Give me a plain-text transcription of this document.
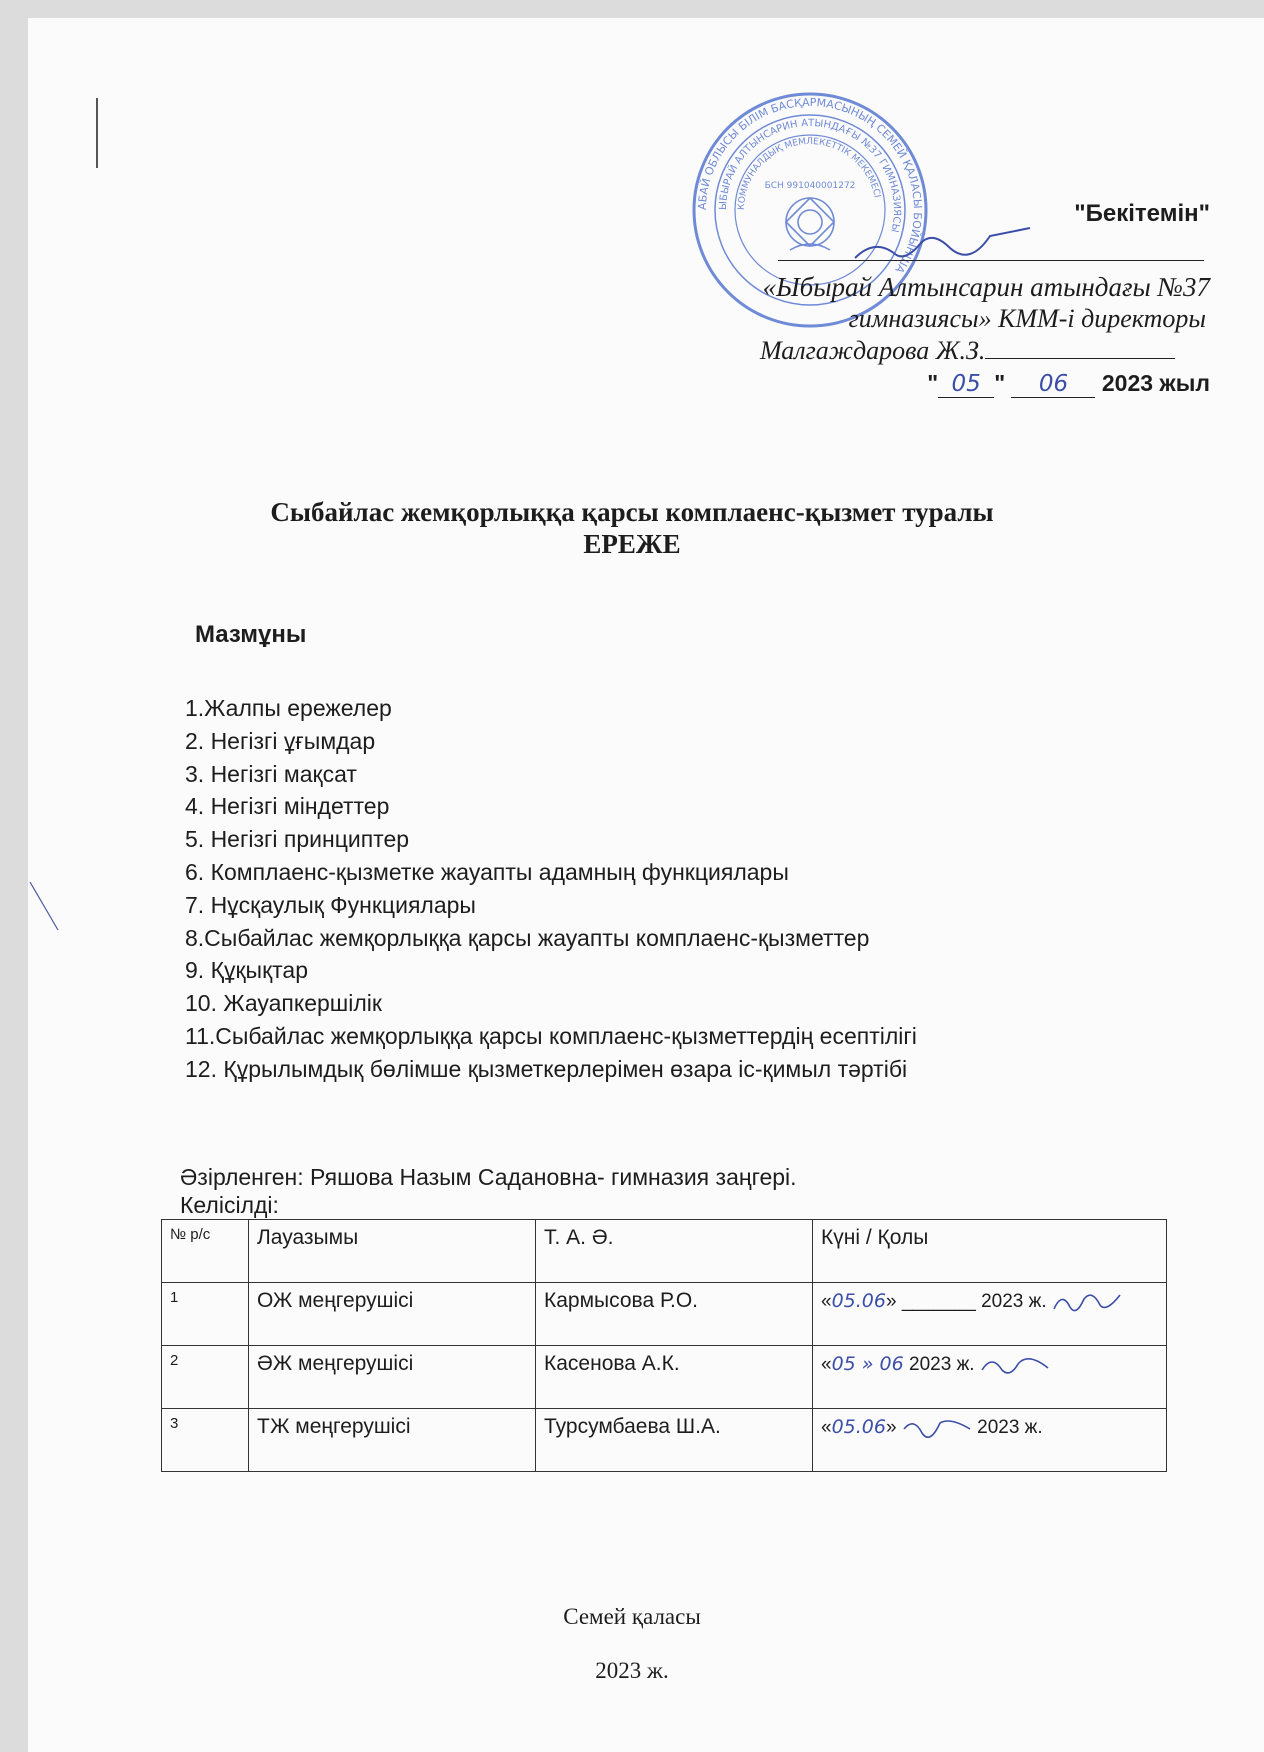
АБАЙ ОБЛЫСЫ БІЛІМ БАСҚАРМАСЫНЫҢ СЕМЕЙ ҚАЛАСЫ БОЙЫНША
ЫБЫРАЙ АЛТЫНСАРИН АТЫНДАҒЫ №37 ГИМНАЗИЯСЫ
КОММУНАЛДЫҚ МЕМЛЕКЕТТІК МЕКЕМЕСІ
БСН 991040001272
"Бекітемін"
«Ыбырай Алтынсарин атындағы №37
гимназиясы» КММ-і директоры
Малгаждарова Ж.З.
" 05 " 06 2023 жыл
Сыбайлас жемқорлыққа қарсы комплаенс-қызмет туралы
ЕРЕЖЕ
Мазмұны
1.Жалпы ережелер
2. Негізгі ұғымдар
3. Негізгі мақсат
4. Негізгі міндеттер
5. Негізгі принциптер
6. Комплаенс-қызметке жауапты адамның функциялары
7. Нұсқаулық Функциялары
8.Сыбайлас жемқорлыққа қарсы жауапты комплаенс-қызметтер
9. Құқықтар
10. Жауапкершілік
11.Сыбайлас жемқорлыққа қарсы комплаенс-қызметтердің есептілігі
12. Құрылымдық бөлімше қызметкерлерімен өзара іс-қимыл тәртібі
Әзірленген: Ряшова Назым Садановна- гимназия заңгері.
Келісілді:
№ р/с	Лауазымы	Т. А. Ә.	Күні / Қолы
1	ОЖ меңгерушісі	Кармысова Р.О.	«05.06» _______ 2023 ж.
2	ӘЖ меңгерушісі	Касенова А.К.	«05 » 06 2023 ж.
3	ТЖ меңгерушісі	Турсумбаева Ш.А.	«05.06» 2023 ж.
Семей қаласы
2023 ж.
